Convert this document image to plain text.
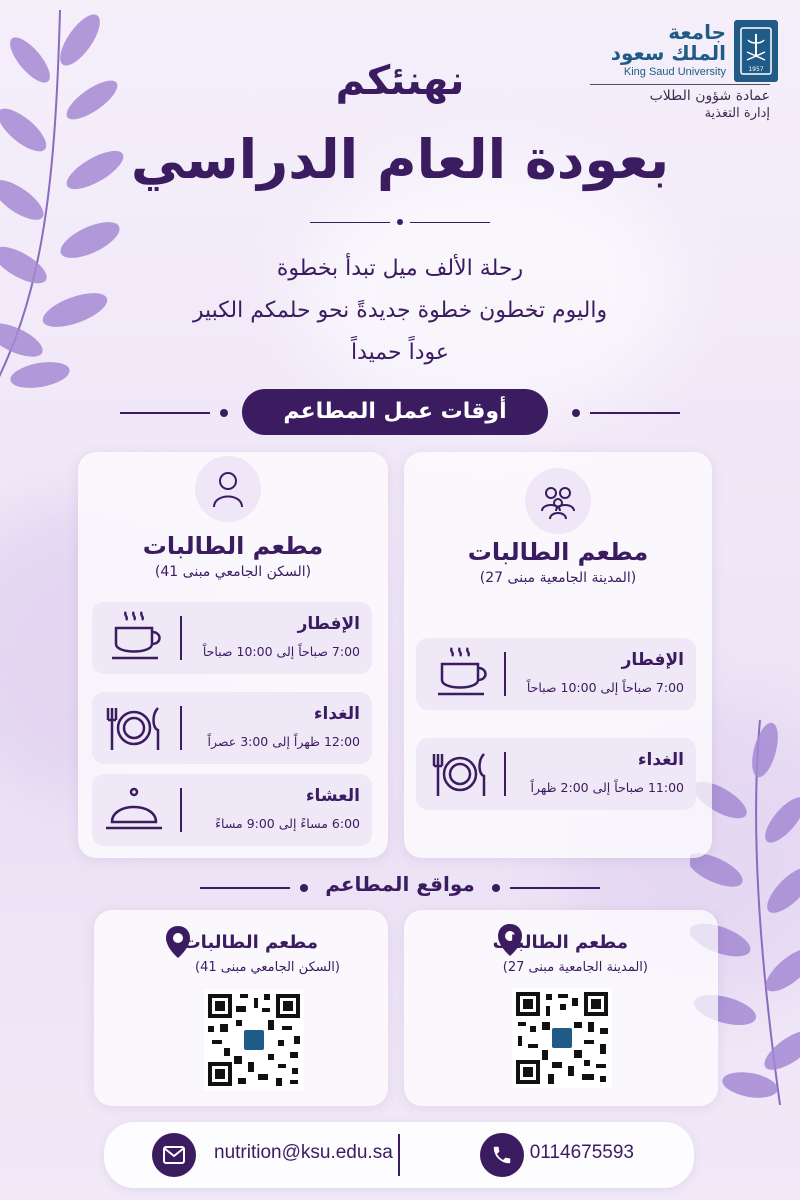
1957
جامعة
الملك سعود
King Saud University
عمادة شؤون الطلاب
إدارة التغذية
نهنئكم
بعودة العام الدراسي
رحلة الألف ميل تبدأ بخطوة
واليوم تخطون خطوة جديدةً نحو حلمكم الكبير
عوداً حميداً
أوقات عمل المطاعم
مطعم الطالبات
(المدينة الجامعية مبنى 27)
الإفطار
7:00 صباحاً إلى 10:00 صباحاً
الغداء
11:00 صباحاً إلى 2:00 ظهراً
مطعم الطالبات
(السكن الجامعي مبنى 41)
الإفطار
7:00 صباحاً إلى 10:00 صباحاً
الغداء
12:00 ظهراً إلى 3:00 عصراً
العشاء
6:00 مساءً إلى 9:00 مساءً
مواقع المطاعم
مطعم الطالبات
(المدينة الجامعية مبنى 27)
مطعم الطالبات
(السكن الجامعي مبنى 41)
0114675593
nutrition@ksu.edu.sa
